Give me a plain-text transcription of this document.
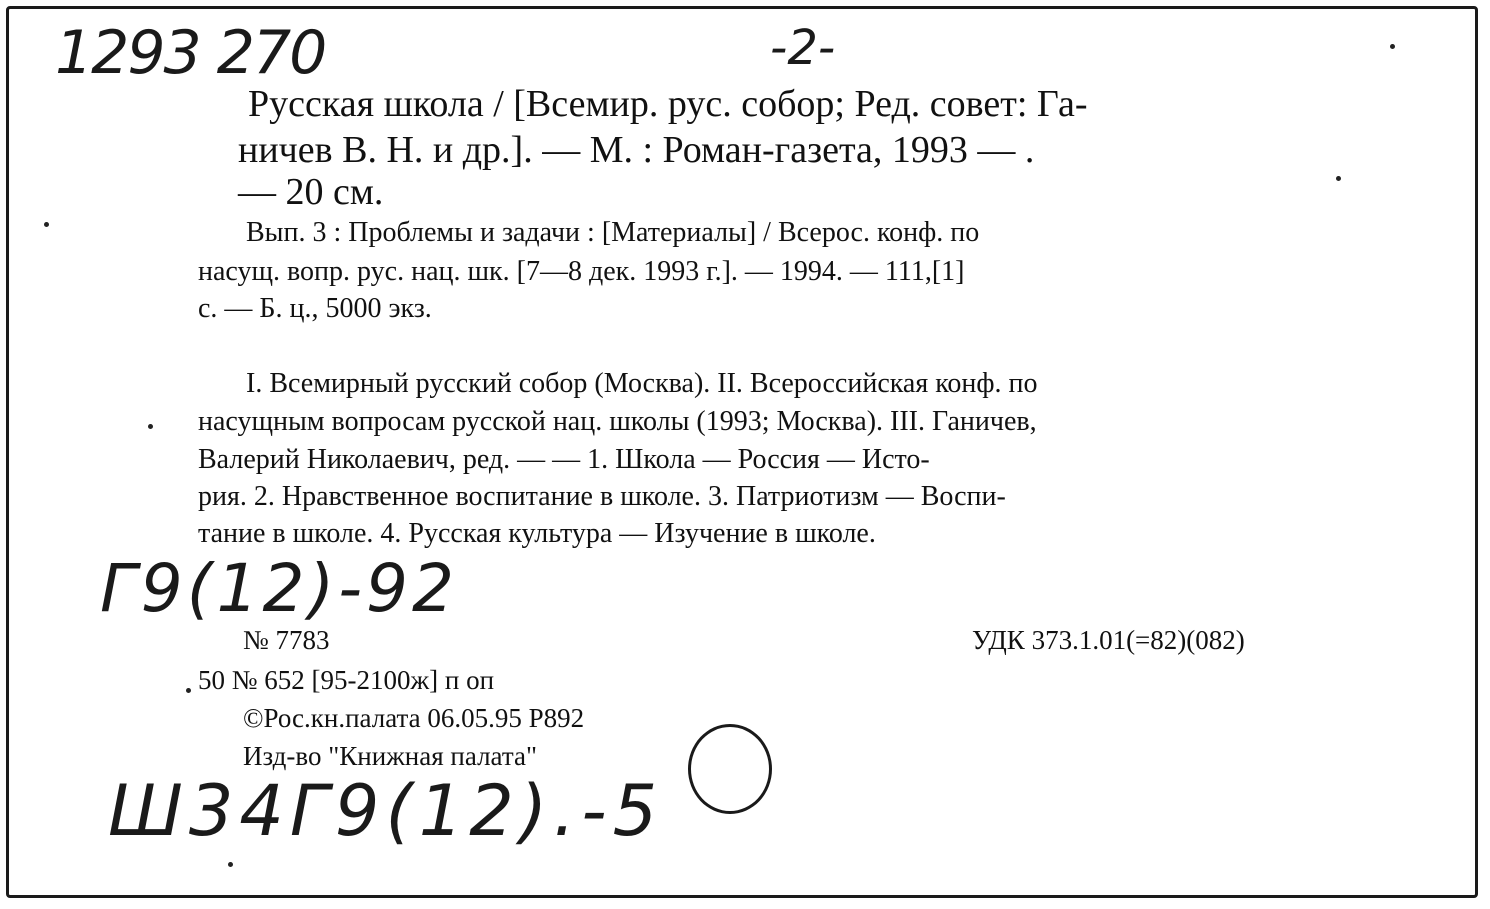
1293 270	-2-
Русская школа / [Всемир. рус. собор; Ред. совет: Га-
ничев В. Н. и др.]. — М. : Роман-газета, 1993 — .
— 20 см.
Вып. 3 : Проблемы и задачи : [Материалы] / Всерос. конф. по
насущ. вопр. рус. нац. шк. [7—8 дек. 1993 г.]. — 1994. — 111,[1]
с. — Б. ц., 5000 экз.
I. Всемирный русский собор (Москва). II. Всероссийская конф. по
насущным вопросам русской нац. школы (1993; Москва). III. Ганичев,
Валерий Николаевич, ред. — — 1. Школа — Россия — Исто-
рия. 2. Нравственное воспитание в школе. 3. Патриотизм — Воспи-
тание в школе. 4. Русская культура — Изучение в школе.
Г9(12)-92
№ 7783	УДК 373.1.01(=82)(082)
50 № 652 [95-2100ж] п оп
©Рос.кн.палата 06.05.95 Р892
Изд-во "Книжная палата"
Ш34Г9(12).-5
